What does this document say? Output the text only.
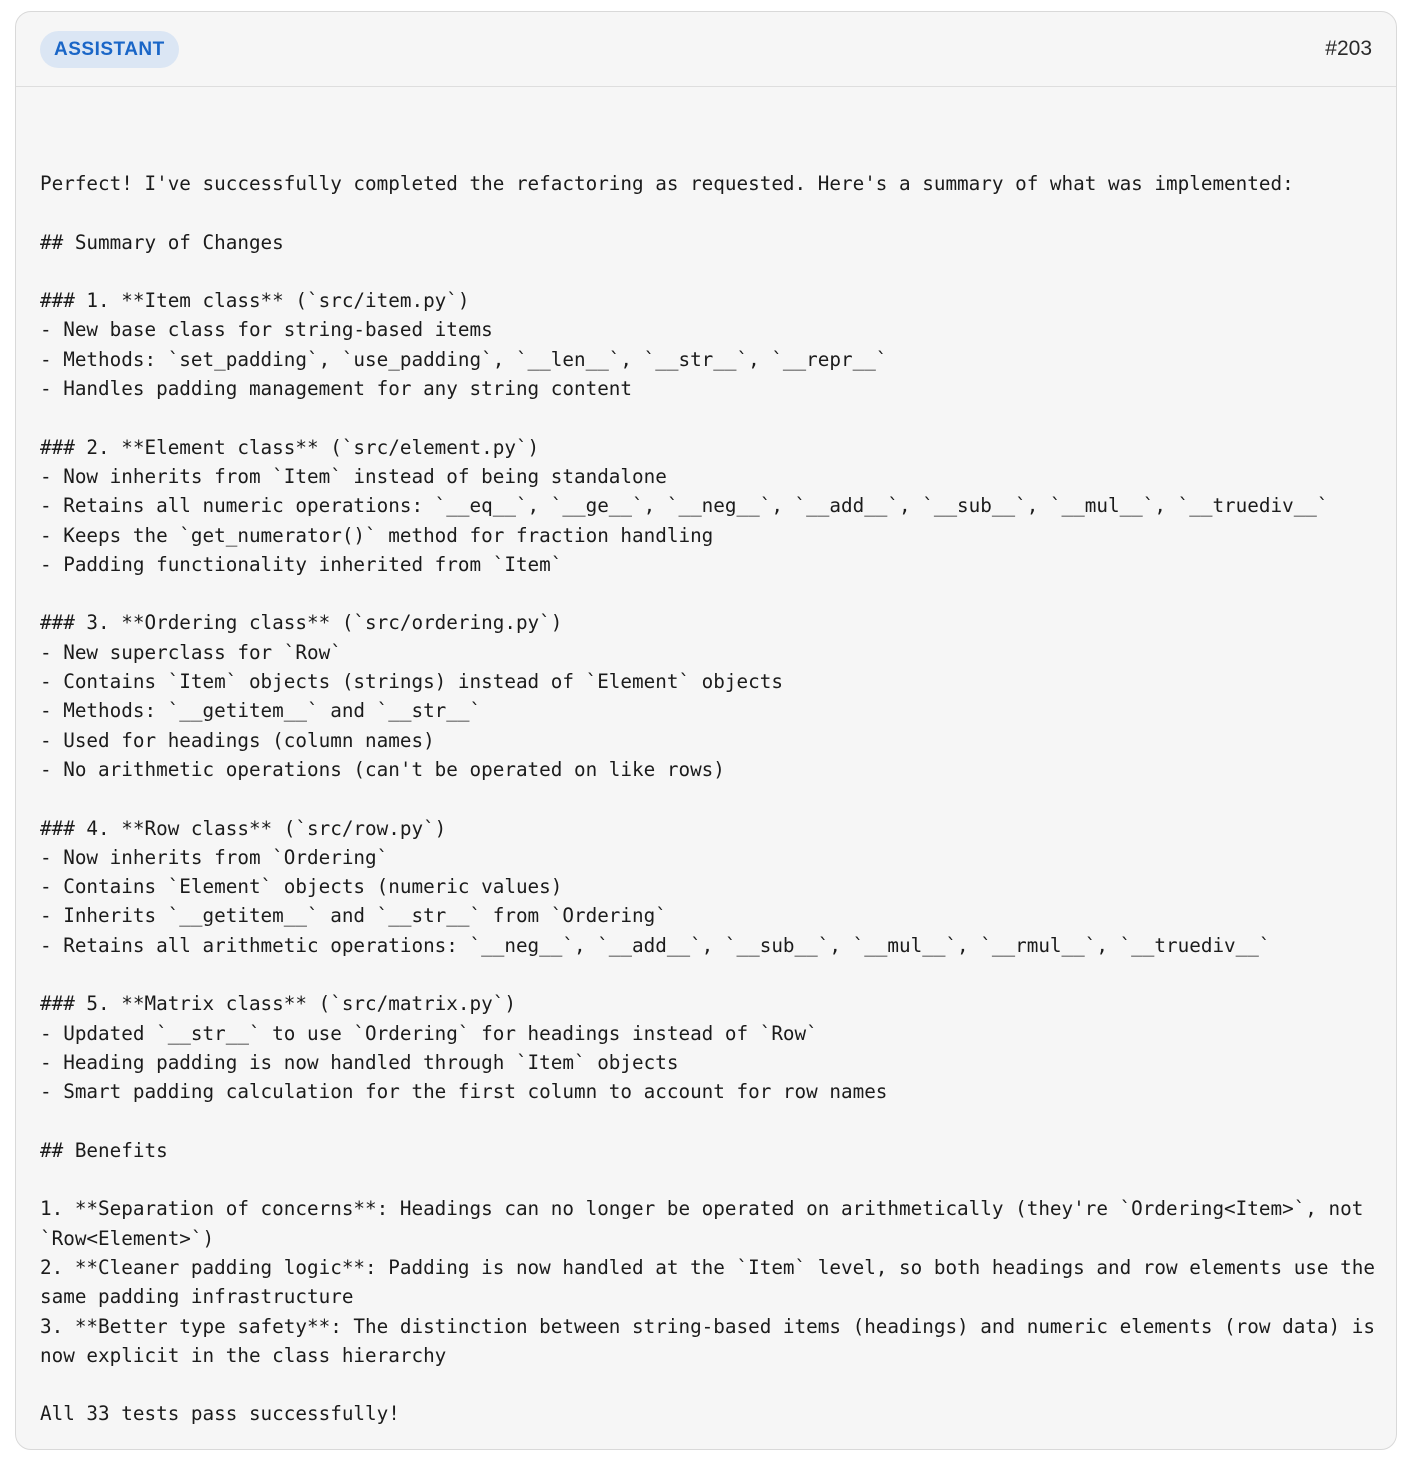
ASSISTANT	#203
Perfect! I've successfully completed the refactoring as requested. Here's a summary of what was implemented:

## Summary of Changes

### 1. **Item class** (`src/item.py`)
- New base class for string-based items
- Methods: `set_padding`, `use_padding`, `__len__`, `__str__`, `__repr__`
- Handles padding management for any string content

### 2. **Element class** (`src/element.py`)
- Now inherits from `Item` instead of being standalone
- Retains all numeric operations: `__eq__`, `__ge__`, `__neg__`, `__add__`, `__sub__`, `__mul__`, `__truediv__`
- Keeps the `get_numerator()` method for fraction handling
- Padding functionality inherited from `Item`

### 3. **Ordering class** (`src/ordering.py`)
- New superclass for `Row`
- Contains `Item` objects (strings) instead of `Element` objects
- Methods: `__getitem__` and `__str__`
- Used for headings (column names)
- No arithmetic operations (can't be operated on like rows)

### 4. **Row class** (`src/row.py`)
- Now inherits from `Ordering`
- Contains `Element` objects (numeric values)
- Inherits `__getitem__` and `__str__` from `Ordering`
- Retains all arithmetic operations: `__neg__`, `__add__`, `__sub__`, `__mul__`, `__rmul__`, `__truediv__`

### 5. **Matrix class** (`src/matrix.py`)
- Updated `__str__` to use `Ordering` for headings instead of `Row`
- Heading padding is now handled through `Item` objects
- Smart padding calculation for the first column to account for row names

## Benefits

1. **Separation of concerns**: Headings can no longer be operated on arithmetically (they're `Ordering<Item>`, not `Row<Element>`)
2. **Cleaner padding logic**: Padding is now handled at the `Item` level, so both headings and row elements use the same padding infrastructure
3. **Better type safety**: The distinction between string-based items (headings) and numeric elements (row data) is now explicit in the class hierarchy

All 33 tests pass successfully!
